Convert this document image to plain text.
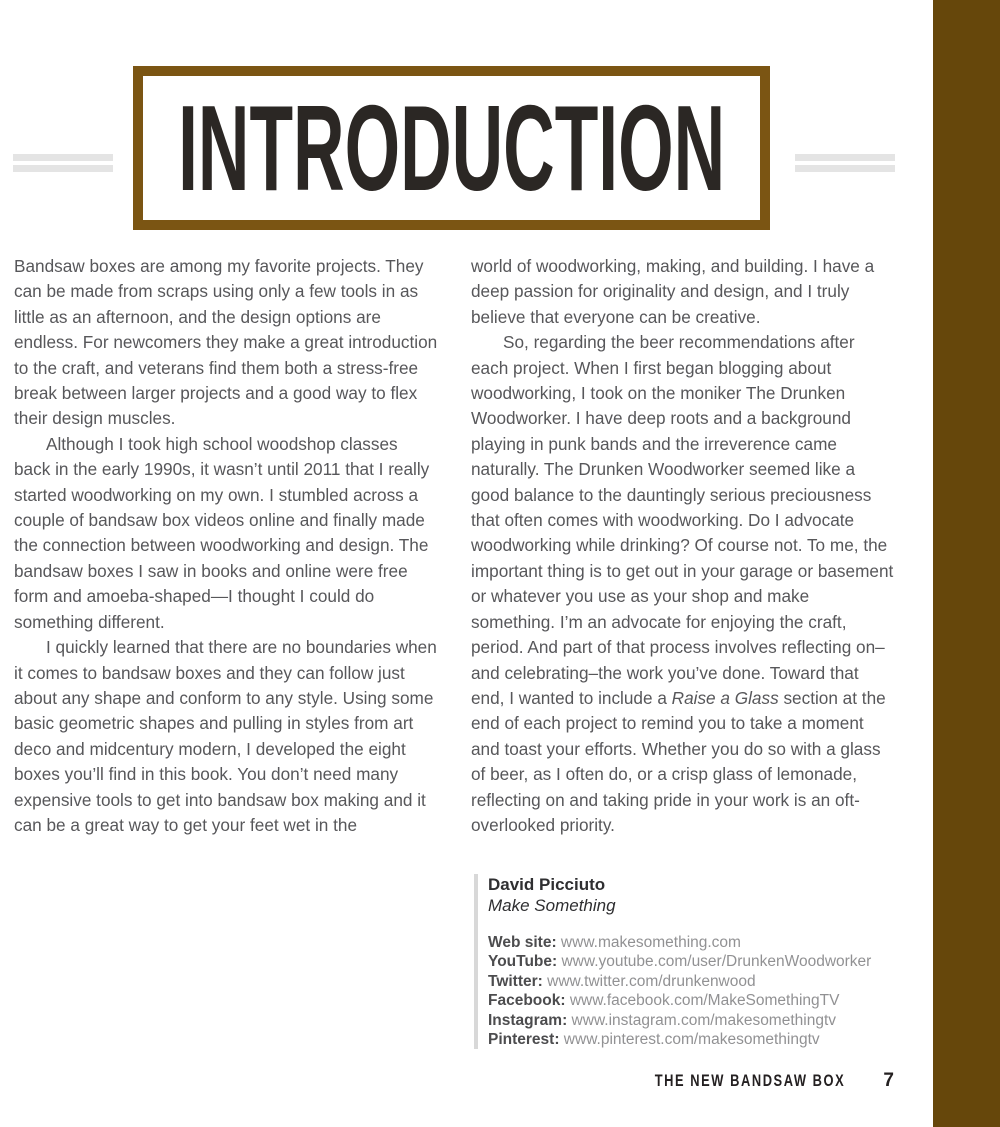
INTRODUCTION

Bandsaw boxes are among my favorite projects. They can be made from scraps using only a few tools in as little as an afternoon, and the design options are endless. For newcomers they make a great introduction to the craft, and veterans find them both a stress-free break between larger projects and a good way to flex their design muscles.

Although I took high school woodshop classes back in the early 1990s, it wasn’t until 2011 that I really started woodworking on my own. I stumbled across a couple of bandsaw box videos online and finally made the connection between woodworking and design. The bandsaw boxes I saw in books and online were free form and amoeba-shaped—I thought I could do something different.

I quickly learned that there are no boundaries when it comes to bandsaw boxes and they can follow just about any shape and conform to any style. Using some basic geometric shapes and pulling in styles from art deco and midcentury modern, I developed the eight boxes you’ll find in this book. You don’t need many expensive tools to get into bandsaw box making and it can be a great way to get your feet wet in the

world of woodworking, making, and building. I have a deep passion for originality and design, and I truly believe that everyone can be creative.

So, regarding the beer recommendations after each project. When I first began blogging about woodworking, I took on the moniker The Drunken Woodworker. I have deep roots and a background playing in punk bands and the irreverence came naturally. The Drunken Woodworker seemed like a good balance to the dauntingly serious preciousness that often comes with woodworking. Do I advocate woodworking while drinking? Of course not. To me, the important thing is to get out in your garage or basement or whatever you use as your shop and make something. I’m an advocate for enjoying the craft, period. And part of that process involves reflecting on–and celebrating–the work you’ve done. Toward that end, I wanted to include a Raise a Glass section at the end of each project to remind you to take a moment and toast your efforts. Whether you do so with a glass of beer, as I often do, or a crisp glass of lemonade, reflecting on and taking pride in your work is an oft-overlooked priority.

David Picciuto
Make Something
Web site: www.makesomething.com
YouTube: www.youtube.com/user/DrunkenWoodworker
Twitter: www.twitter.com/drunkenwood
Facebook: www.facebook.com/MakeSomethingTV
Instagram: www.instagram.com/makesomethingtv
Pinterest: www.pinterest.com/makesomethingtv
THE NEW BANDSAW BOX 7
